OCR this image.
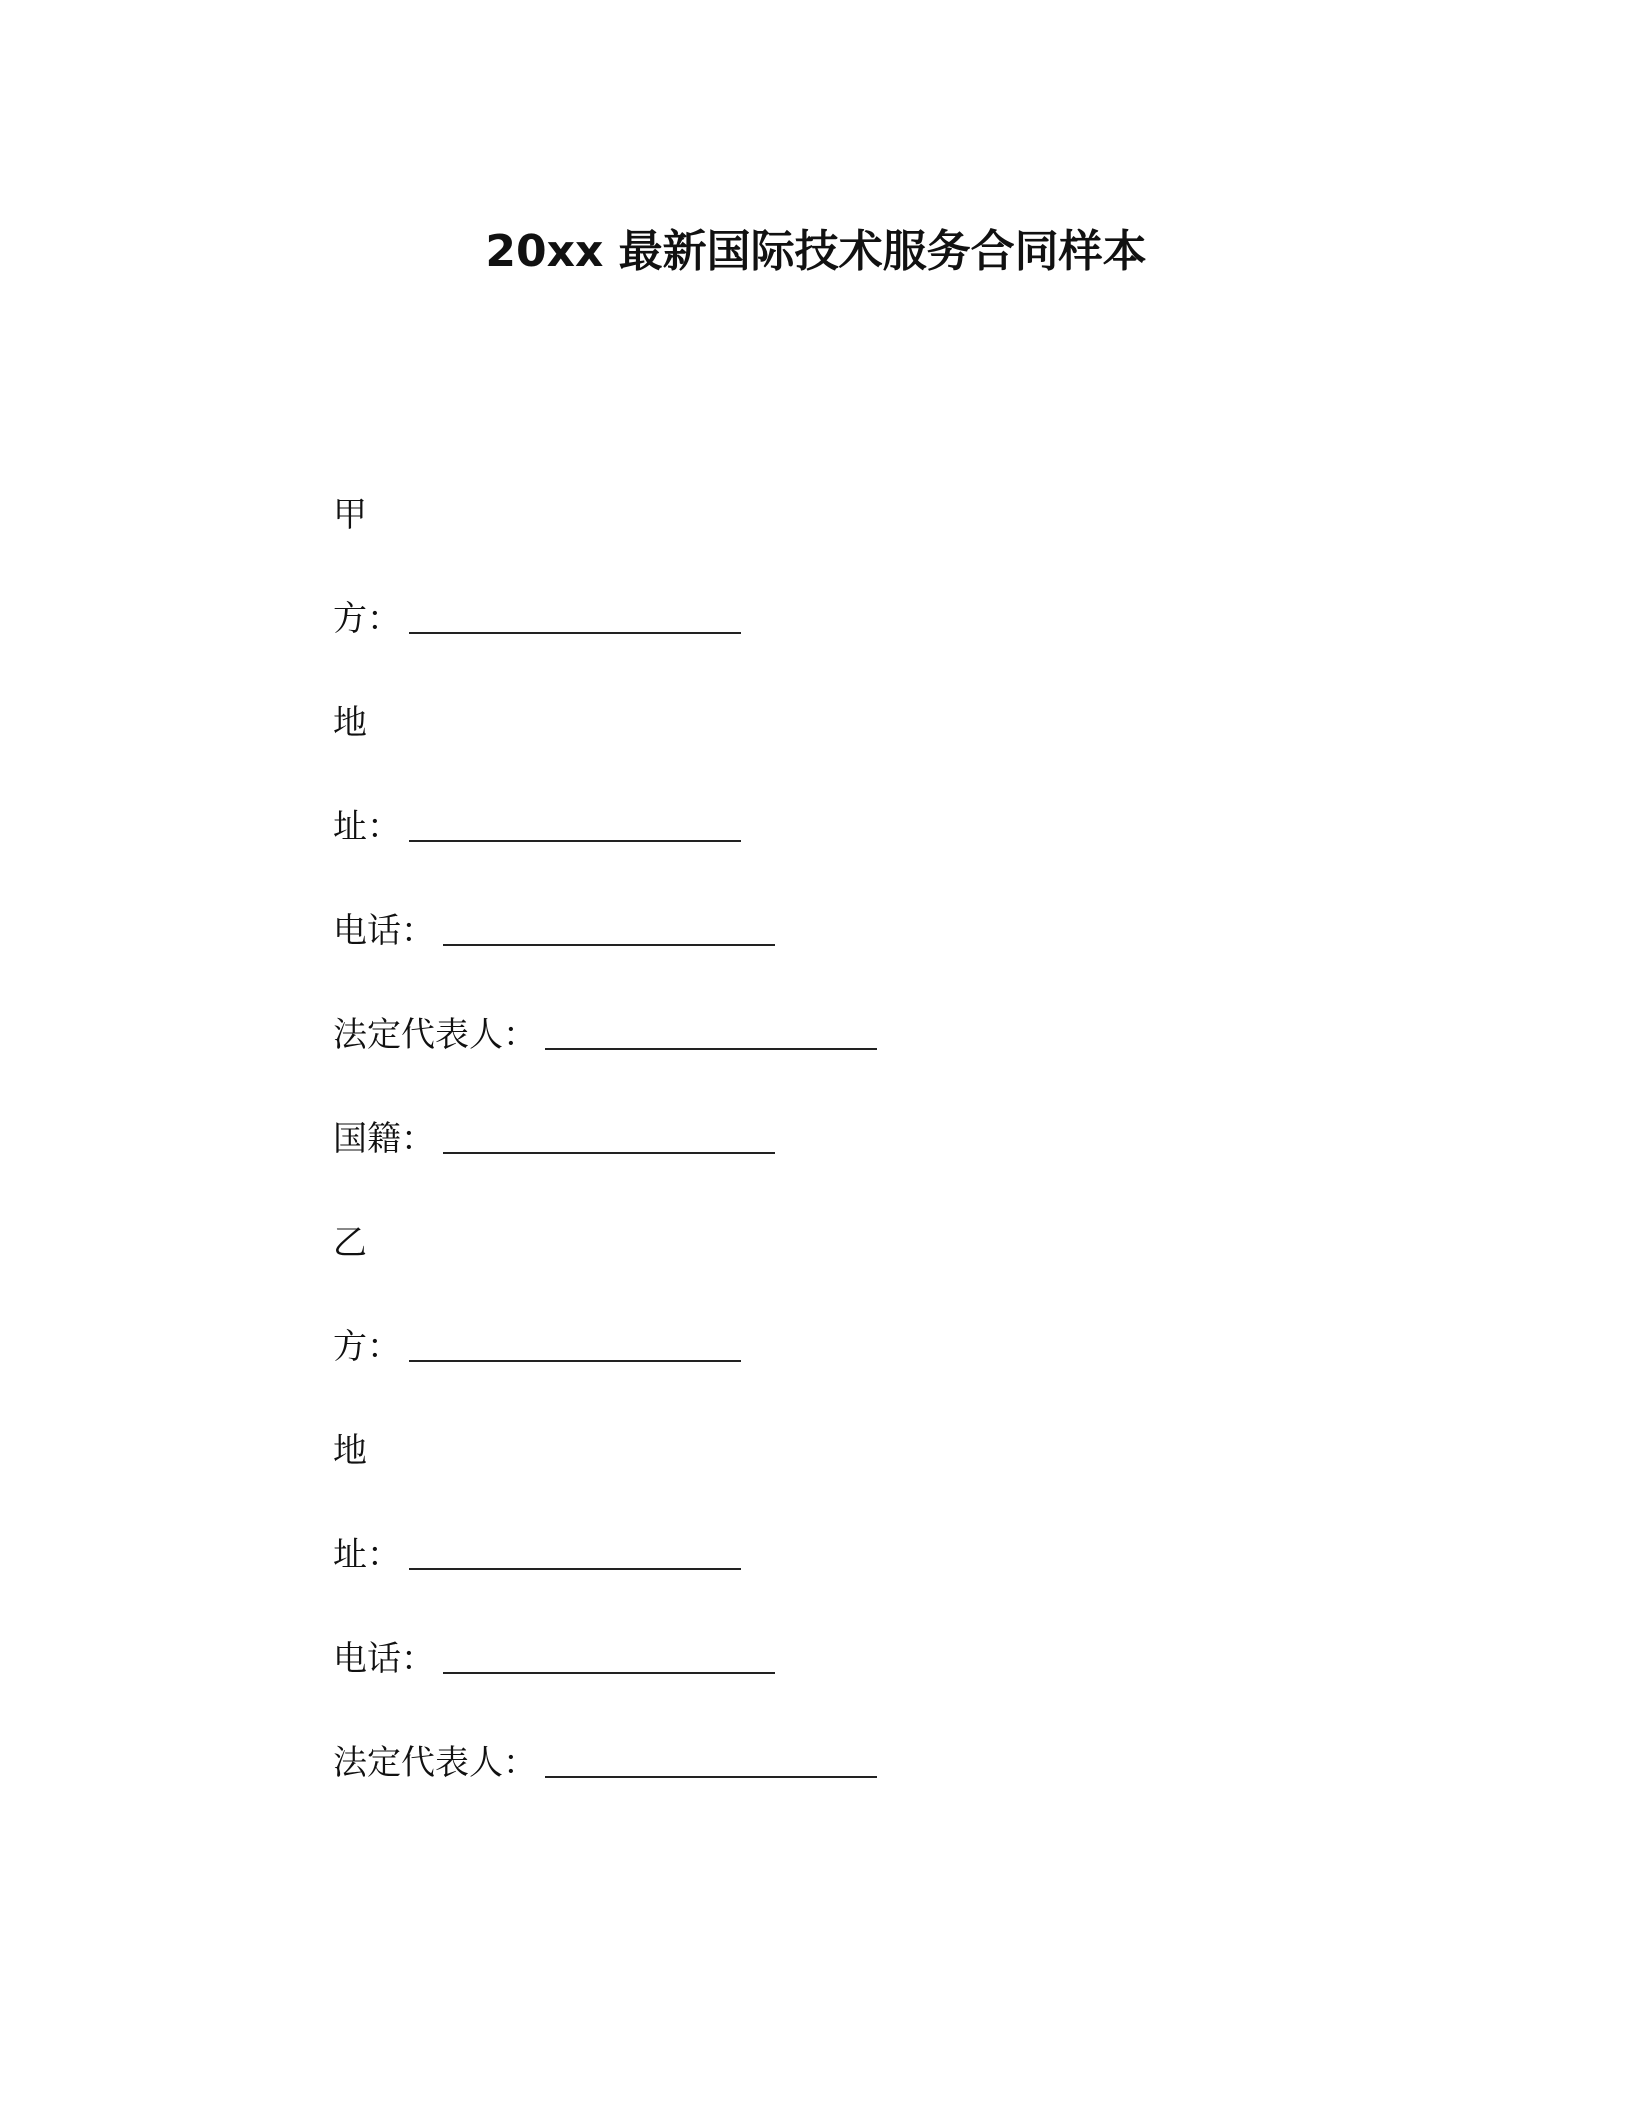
20xx 最新国际技术服务合同样本
甲
方：
地
址：
电话：
法定代表人：
国籍：
乙
方：
地
址：
电话：
法定代表人：
